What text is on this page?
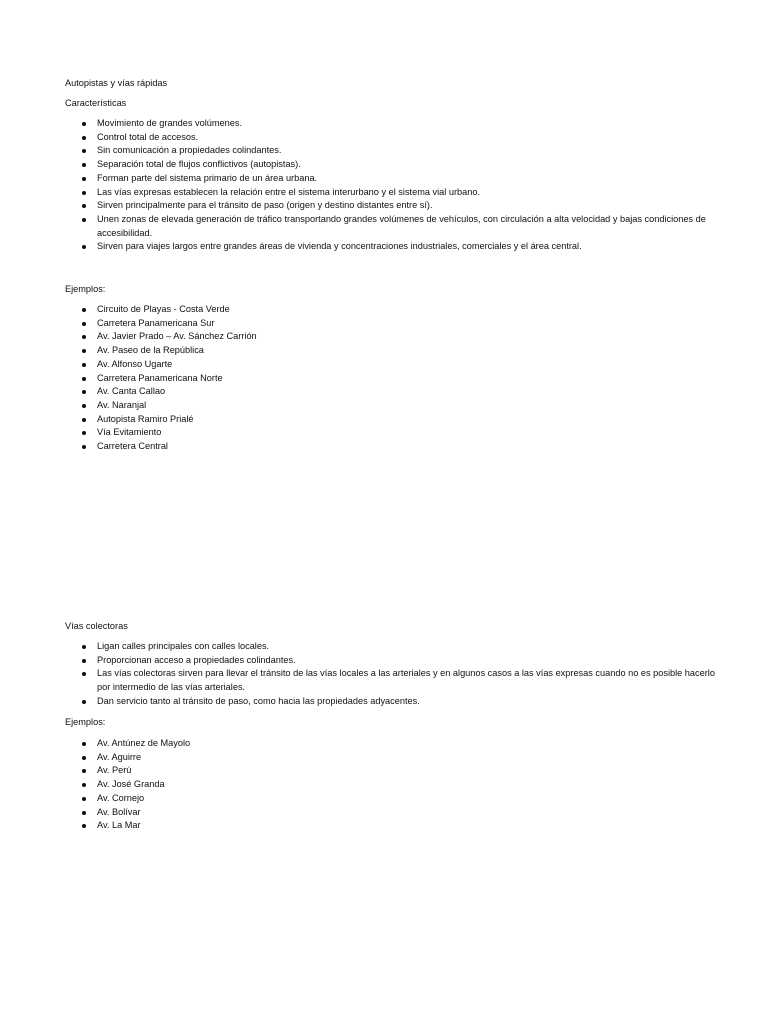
Autopistas y vías rápidas

Características

Movimiento de grandes volúmenes.
Control total de accesos.
Sin comunicación a propiedades colindantes.
Separación total de flujos conflictivos (autopistas).
Forman parte del sistema primario de un área urbana.
Las vías expresas establecen la relación entre el sistema interurbano y el sistema vial urbano.
Sirven principalmente para el tránsito de paso (origen y destino distantes entre sí).
Unen zonas de elevada generación de tráfico transportando grandes volúmenes de vehículos, con circulación a alta velocidad y bajas condiciones de accesibilidad.
Sirven para viajes largos entre grandes áreas de vivienda y concentraciones industriales, comerciales y el área central.

Ejemplos:

Circuito de Playas - Costa Verde
Carretera Panamericana Sur
Av. Javier Prado – Av. Sánchez Carrión
Av. Paseo de la República
Av. Alfonso Ugarte
Carretera Panamericana Norte
Av. Canta Callao
Av. Naranjal
Autopista Ramiro Prialé
Vía Evitamiento
Carretera Central

Vías colectoras

Ligan calles principales con calles locales.
Proporcionan acceso a propiedades colindantes.
Las vías colectoras sirven para llevar el tránsito de las vías locales a las arteriales y en algunos casos a las vías expresas cuando no es posible hacerlo por intermedio de las vías arteriales.
Dan servicio tanto al tránsito de paso, como hacia las propiedades adyacentes.

Ejemplos:

Av. Antúnez de Mayolo
Av. Aguirre
Av. Perú
Av. José Granda
Av. Cornejo
Av. Bolívar
Av. La Mar
